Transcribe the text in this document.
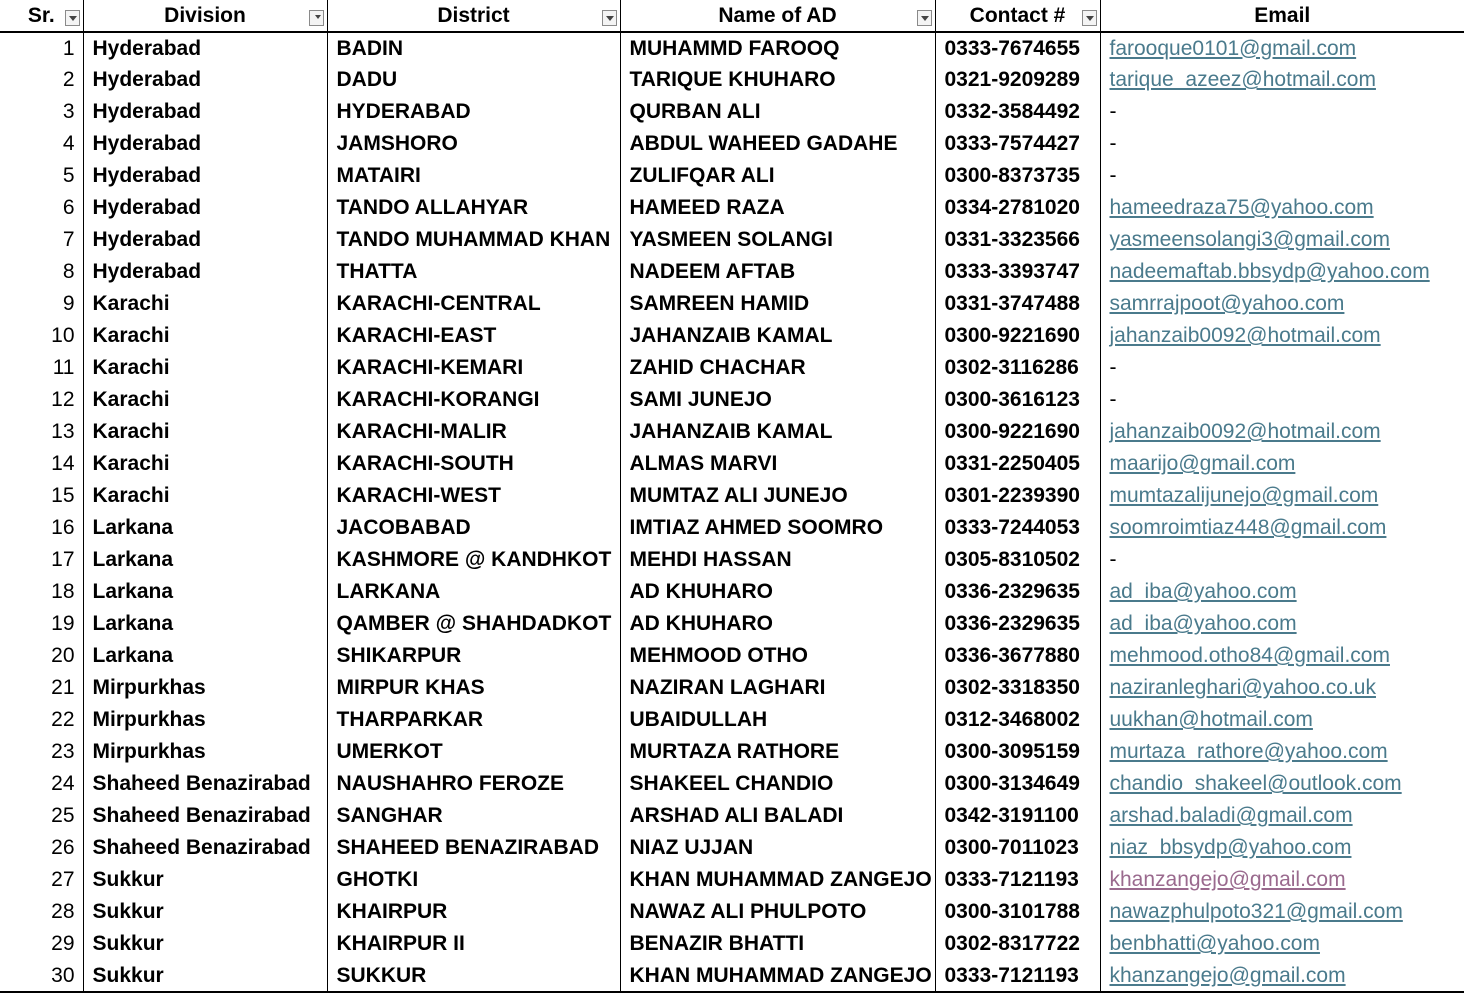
Sr.	Division	District	Name of AD	Contact #	Email
1	Hyderabad	BADIN	MUHAMMD FAROOQ	0333-7674655	farooque0101@gmail.com
2	Hyderabad	DADU	TARIQUE KHUHARO	0321-9209289	tarique_azeez@hotmail.com
3	Hyderabad	HYDERABAD	QURBAN ALI	0332-3584492	-
4	Hyderabad	JAMSHORO	ABDUL WAHEED GADAHE	0333-7574427	-
5	Hyderabad	MATAIRI	ZULIFQAR ALI	0300-8373735	-
6	Hyderabad	TANDO ALLAHYAR	HAMEED RAZA	0334-2781020	hameedraza75@yahoo.com
7	Hyderabad	TANDO MUHAMMAD KHAN	YASMEEN SOLANGI	0331-3323566	yasmeensolangi3@gmail.com
8	Hyderabad	THATTA	NADEEM AFTAB	0333-3393747	nadeemaftab.bbsydp@yahoo.com
9	Karachi	KARACHI-CENTRAL	SAMREEN HAMID	0331-3747488	samrrajpoot@yahoo.com
10	Karachi	KARACHI-EAST	JAHANZAIB KAMAL	0300-9221690	jahanzaib0092@hotmail.com
11	Karachi	KARACHI-KEMARI	ZAHID CHACHAR	0302-3116286	-
12	Karachi	KARACHI-KORANGI	SAMI JUNEJO	0300-3616123	-
13	Karachi	KARACHI-MALIR	JAHANZAIB KAMAL	0300-9221690	jahanzaib0092@hotmail.com
14	Karachi	KARACHI-SOUTH	ALMAS MARVI	0331-2250405	maarijo@gmail.com
15	Karachi	KARACHI-WEST	MUMTAZ ALI JUNEJO	0301-2239390	mumtazalijunejo@gmail.com
16	Larkana	JACOBABAD	IMTIAZ AHMED SOOMRO	0333-7244053	soomroimtiaz448@gmail.com
17	Larkana	KASHMORE @ KANDHKOT	MEHDI HASSAN	0305-8310502	-
18	Larkana	LARKANA	AD KHUHARO	0336-2329635	ad_iba@yahoo.com
19	Larkana	QAMBER @ SHAHDADKOT	AD KHUHARO	0336-2329635	ad_iba@yahoo.com
20	Larkana	SHIKARPUR	MEHMOOD OTHO	0336-3677880	mehmood.otho84@gmail.com
21	Mirpurkhas	MIRPUR KHAS	NAZIRAN LAGHARI	0302-3318350	naziranleghari@yahoo.co.uk
22	Mirpurkhas	THARPARKAR	UBAIDULLAH	0312-3468002	uukhan@hotmail.com
23	Mirpurkhas	UMERKOT	MURTAZA RATHORE	0300-3095159	murtaza_rathore@yahoo.com
24	Shaheed Benazirabad	NAUSHAHRO FEROZE	SHAKEEL CHANDIO	0300-3134649	chandio_shakeel@outlook.com
25	Shaheed Benazirabad	SANGHAR	ARSHAD ALI BALADI	0342-3191100	arshad.baladi@gmail.com
26	Shaheed Benazirabad	SHAHEED BENAZIRABAD	NIAZ UJJAN	0300-7011023	niaz_bbsydp@yahoo.com
27	Sukkur	GHOTKI	KHAN MUHAMMAD ZANGEJO	0333-7121193	khanzangejo@gmail.com
28	Sukkur	KHAIRPUR	NAWAZ ALI PHULPOTO	0300-3101788	nawazphulpoto321@gmail.com
29	Sukkur	KHAIRPUR II	BENAZIR BHATTI	0302-8317722	benbhatti@yahoo.com
30	Sukkur	SUKKUR	KHAN MUHAMMAD ZANGEJO	0333-7121193	khanzangejo@gmail.com
